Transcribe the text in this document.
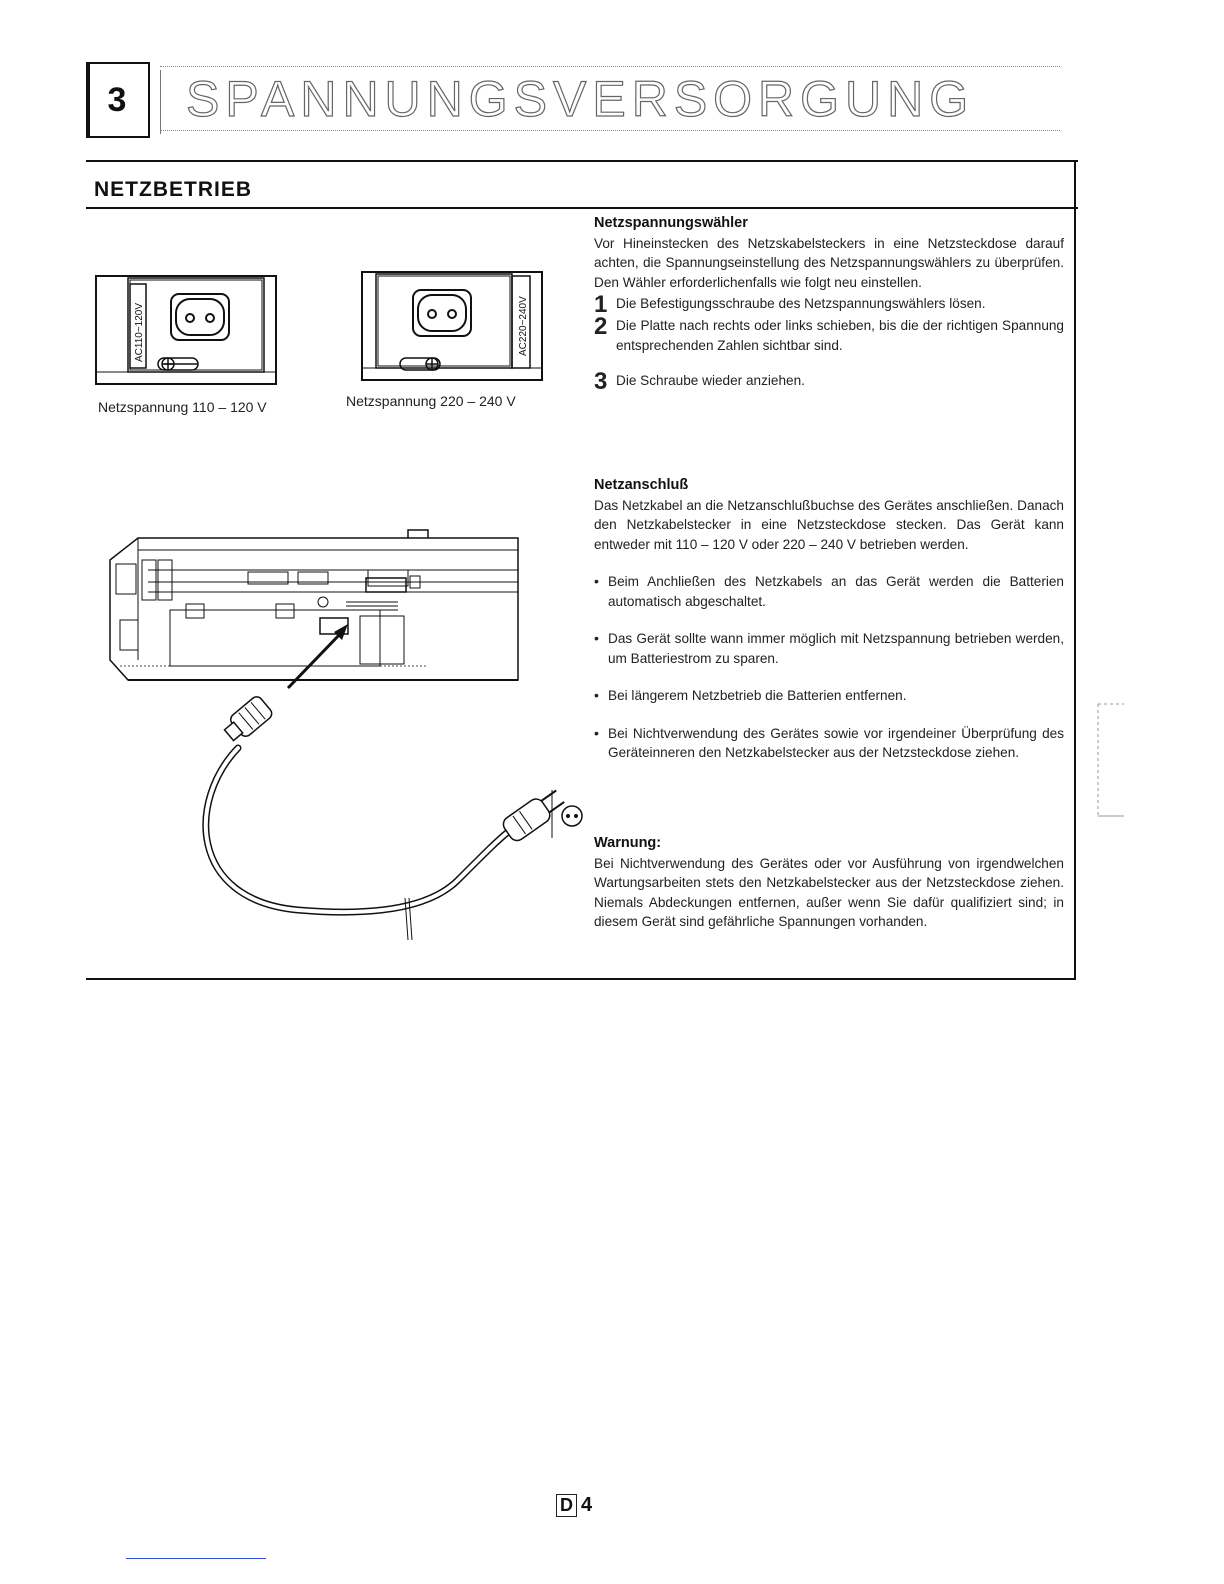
3	SPANNUNGSVERSORGUNG
NETZBETRIEB
AC110~120V
Netzspannung 110 – 120 V
AC220~240V
Netzspannung 220 – 240 V
Netzspannungswähler

Vor Hineinstecken des Netzskabelsteckers in eine Netzsteckdose darauf achten, die Spannungseinstellung des Netzspannungswählers zu überprüfen. Den Wähler erforderlichenfalls wie folgt neu einstellen.

1 Die Befestigungsschraube des Netzspannungswählers lösen.
2 Die Platte nach rechts oder links schieben, bis die der richtigen Spannung entsprechenden Zahlen sichtbar sind.
3 Die Schraube wieder anziehen.
Netzanschluß

Das Netzkabel an die Netzanschlußbuchse des Gerätes anschließen. Danach den Netzkabelstecker in eine Netzsteckdose stecken. Das Gerät kann entweder mit 110 – 120 V oder 220 – 240 V betrieben werden.

• Beim Anchließen des Netzkabels an das Gerät werden die Batterien automatisch abgeschaltet.
• Das Gerät sollte wann immer möglich mit Netzspannung betrieben werden, um Batteriestrom zu sparen.
• Bei längerem Netzbetrieb die Batterien entfernen.
• Bei Nichtverwendung des Gerätes sowie vor irgendeiner Überprüfung des Geräteinneren den Netzkabelstecker aus der Netzsteckdose ziehen.
Warnung:

Bei Nichtverwendung des Gerätes oder vor Ausführung von irgendwelchen Wartungsarbeiten stets den Netzkabelstecker aus der Netzsteckdose ziehen. Niemals Abdeckungen entfernen, außer wenn Sie dafür qualifiziert sind; in diesem Gerät sind gefährliche Spannungen vorhanden.

D 4
